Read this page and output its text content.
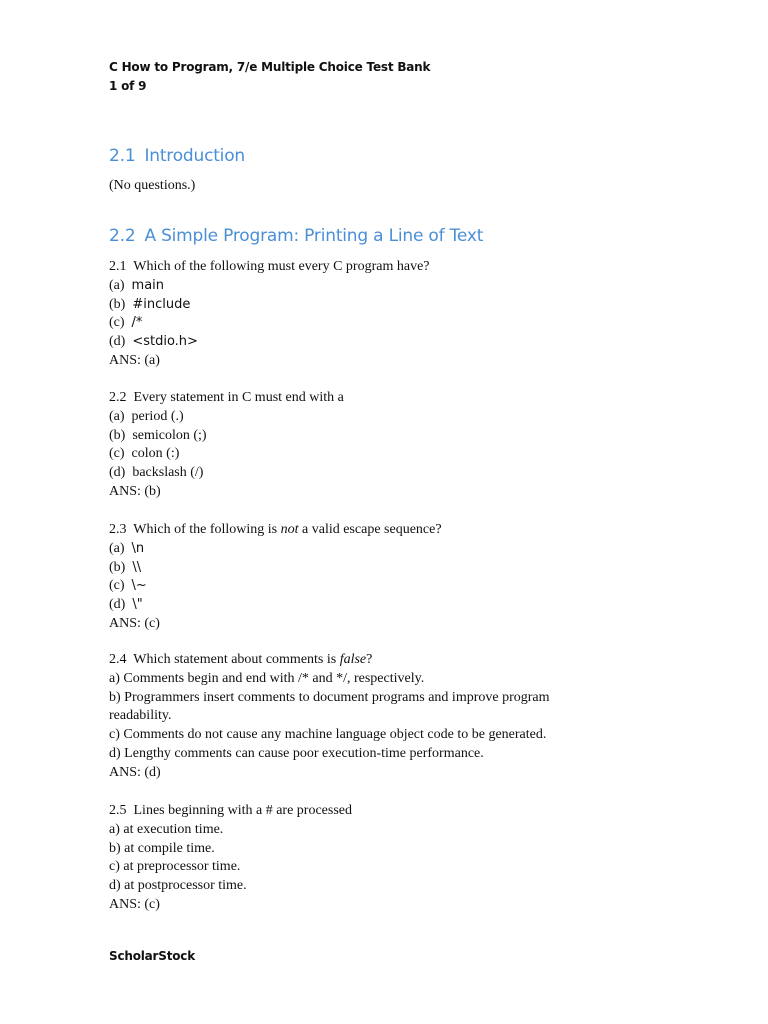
C How to Program, 7/e Multiple Choice Test Bank
1 of 9
2.1 Introduction
(No questions.)
2.2 A Simple Program: Printing a Line of Text
2.1 Which of the following must every C program have?
(a) main
(b) #include
(c) /*
(d) <stdio.h>
ANS: (a)
2.2 Every statement in C must end with a
(a) period (.)
(b) semicolon (;)
(c) colon (:)
(d) backslash (/)
ANS: (b)
2.3 Which of the following is not a valid escape sequence?
(a) \n
(b) \\
(c) \~
(d) \"
ANS: (c)
2.4 Which statement about comments is false?
a) Comments begin and end with /* and */, respectively.
b) Programmers insert comments to document programs and improve program readability.
c) Comments do not cause any machine language object code to be generated.
d) Lengthy comments can cause poor execution-time performance.
ANS: (d)
2.5 Lines beginning with a # are processed
a) at execution time.
b) at compile time.
c) at preprocessor time.
d) at postprocessor time.
ANS: (c)
ScholarStock
